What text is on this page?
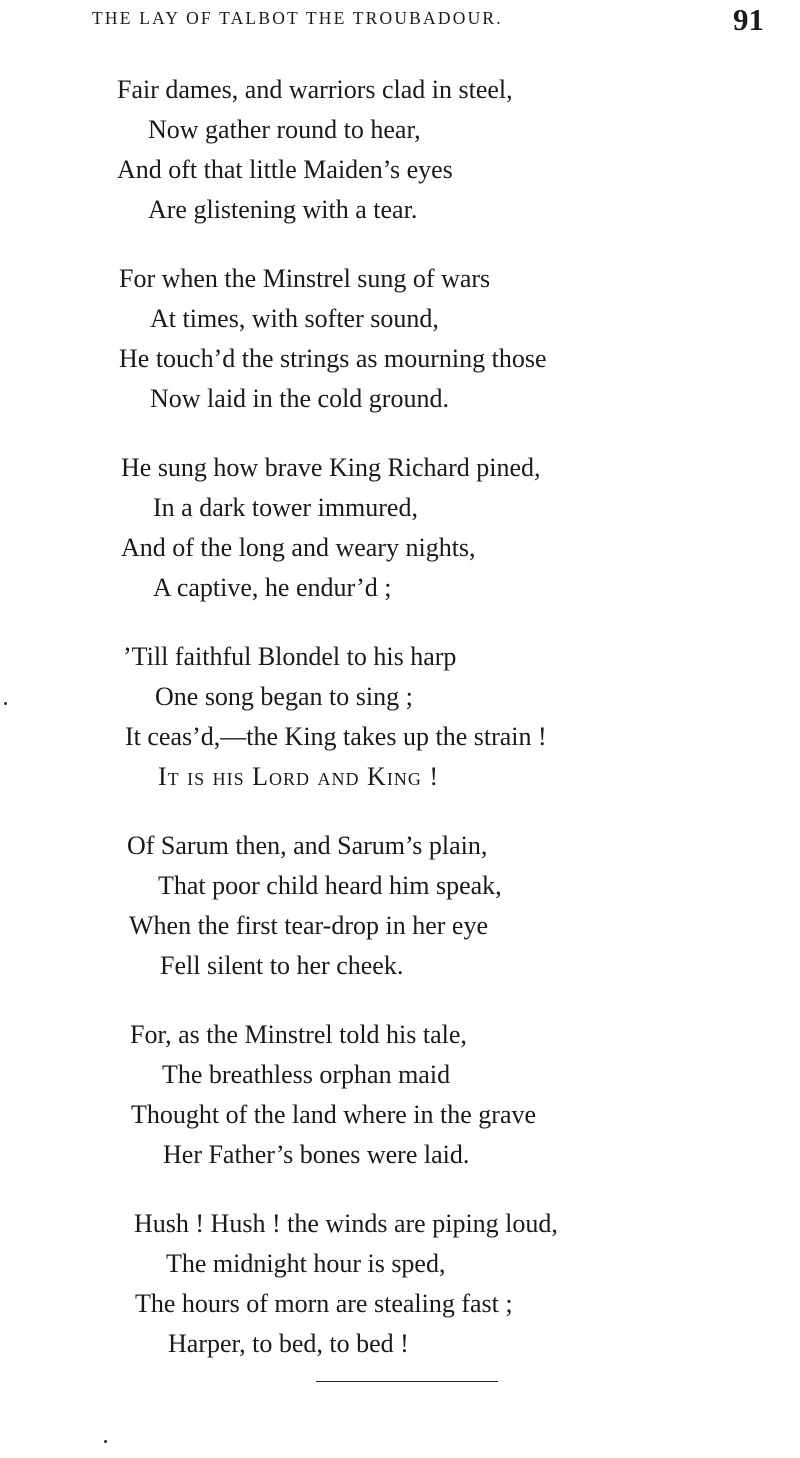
THE LAY OF TALBOT THE TROUBADOUR.	91
Fair dames, and warriors clad in steel,
Now gather round to hear,
And oft that little Maiden’s eyes
Are glistening with a tear.
For when the Minstrel sung of wars
At times, with softer sound,
He touch’d the strings as mourning those
Now laid in the cold ground.
He sung how brave King Richard pined,
In a dark tower immured,
And of the long and weary nights,
A captive, he endur’d ;
’Till faithful Blondel to his harp
One song began to sing ;
It ceas’d,—the King takes up the strain !
It is his Lord and King !
Of Sarum then, and Sarum’s plain,
That poor child heard him speak,
When the first tear-drop in her eye
Fell silent to her cheek.
For, as the Minstrel told his tale,
The breathless orphan maid
Thought of the land where in the grave
Her Father’s bones were laid.
Hush ! Hush ! the winds are piping loud,
The midnight hour is sped,
The hours of morn are stealing fast ;
Harper, to bed, to bed !
